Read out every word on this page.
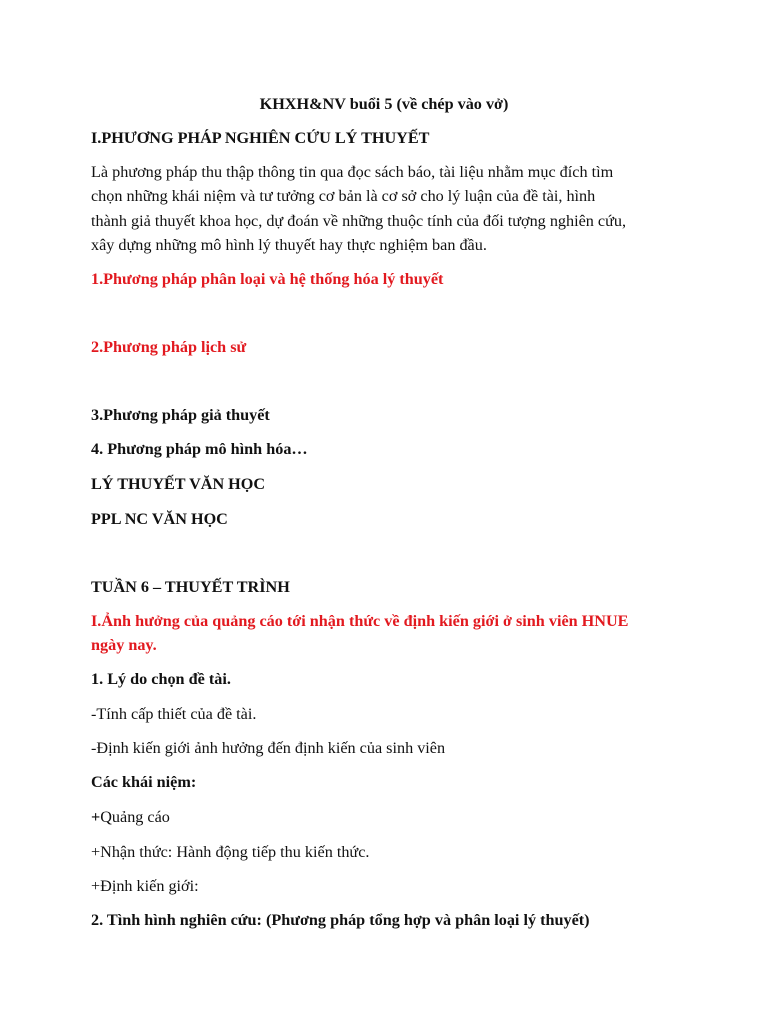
KHXH&NV buổi 5 (về chép vào vở)
I.PHƯƠNG PHÁP NGHIÊN CỨU LÝ THUYẾT
Là phương pháp thu thập thông tin qua đọc sách báo, tài liệu nhằm mục đích tìm
chọn những khái niệm và tư tưởng cơ bản là cơ sở cho lý luận của đề tài, hình
thành giả thuyết khoa học, dự đoán về những thuộc tính của đối tượng nghiên cứu,
xây dựng những mô hình lý thuyết hay thực nghiệm ban đầu.
1.Phương pháp phân loại và hệ thống hóa lý thuyết
2.Phương pháp lịch sử
3.Phương pháp giả thuyết
4. Phương pháp mô hình hóa…
LÝ THUYẾT VĂN HỌC
PPL NC VĂN HỌC
TUẦN 6 – THUYẾT TRÌNH
I.Ảnh hưởng của quảng cáo tới nhận thức về định kiến giới ở sinh viên HNUE
ngày nay.
1. Lý do chọn đề tài.
-Tính cấp thiết của đề tài.
-Định kiến giới ảnh hưởng đến định kiến của sinh viên
Các khái niệm:
+Quảng cáo
+Nhận thức: Hành động tiếp thu kiến thức.
+Định kiến giới:
2. Tình hình nghiên cứu: (Phương pháp tổng hợp và phân loại lý thuyết)
